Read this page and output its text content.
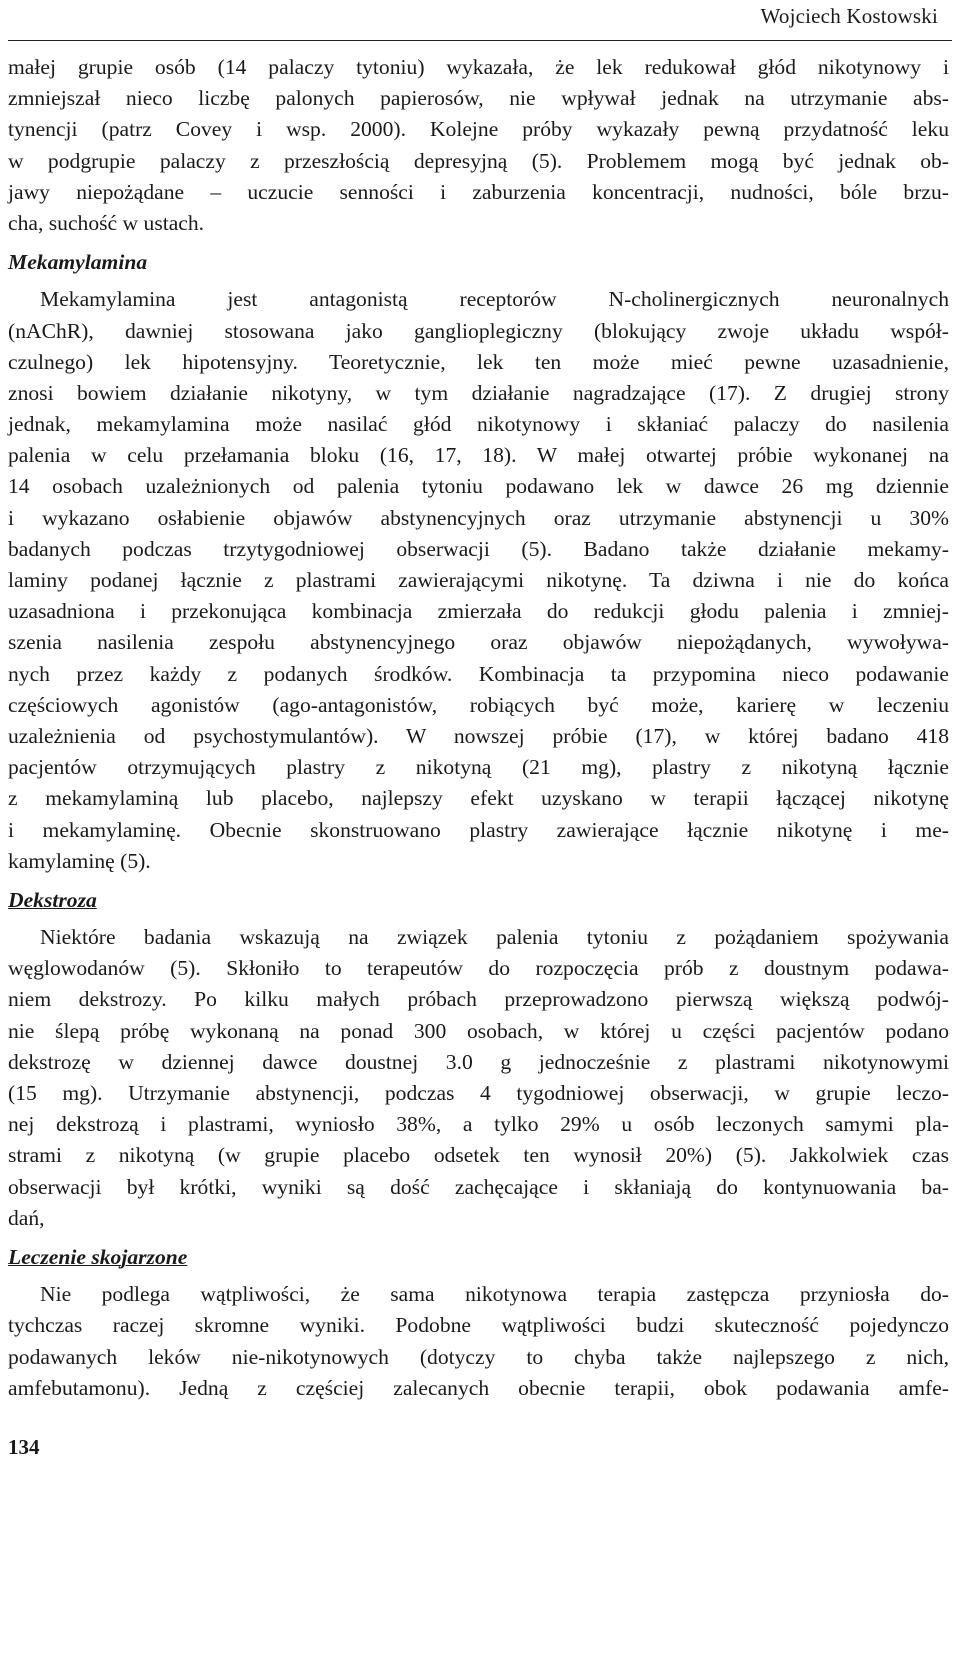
Wojciech Kostowski

małej grupie osób (14 palaczy tytoniu) wykazała, że lek redukował głód nikotynowy i
zmniejszał nieco liczbę palonych papierosów, nie wpływał jednak na utrzymanie abs-
tynencji (patrz Covey i wsp. 2000). Kolejne próby wykazały pewną przydatność leku
w podgrupie palaczy z przeszłością depresyjną (5). Problemem mogą być jednak ob-
jawy niepożądane – uczucie senności i zaburzenia koncentracji, nudności, bóle brzu-
cha, suchość w ustach.

Mekamylamina

Mekamylamina jest antagonistą receptorów N-cholinergicznych neuronalnych
(nAChR), dawniej stosowana jako ganglioplegiczny (blokujący zwoje układu współ-
czulnego) lek hipotensyjny. Teoretycznie, lek ten może mieć pewne uzasadnienie,
znosi bowiem działanie nikotyny, w tym działanie nagradzające (17). Z drugiej strony
jednak, mekamylamina może nasilać głód nikotynowy i skłaniać palaczy do nasilenia
palenia w celu przełamania bloku (16, 17, 18). W małej otwartej próbie wykonanej na
14 osobach uzależnionych od palenia tytoniu podawano lek w dawce 26 mg dziennie
i wykazano osłabienie objawów abstynencyjnych oraz utrzymanie abstynencji u 30%
badanych podczas trzytygodniowej obserwacji (5). Badano także działanie mekamy-
laminy podanej łącznie z plastrami zawierającymi nikotynę. Ta dziwna i nie do końca
uzasadniona i przekonująca kombinacja zmierzała do redukcji głodu palenia i zmniej-
szenia nasilenia zespołu abstynencyjnego oraz objawów niepożądanych, wywoływa-
nych przez każdy z podanych środków. Kombinacja ta przypomina nieco podawanie
częściowych agonistów (ago-antagonistów, robiących być może, karierę w leczeniu
uzależnienia od psychostymulantów). W nowszej próbie (17), w której badano 418
pacjentów otrzymujących plastry z nikotyną (21 mg), plastry z nikotyną łącznie
z mekamylaminą lub placebo, najlepszy efekt uzyskano w terapii łączącej nikotynę
i mekamylaminę. Obecnie skonstruowano plastry zawierające łącznie nikotynę i me-
kamylaminę (5).

Dekstroza

Niektóre badania wskazują na związek palenia tytoniu z pożądaniem spożywania
węglowodanów (5). Skłoniło to terapeutów do rozpoczęcia prób z doustnym podawa-
niem dekstrozy. Po kilku małych próbach przeprowadzono pierwszą większą podwój-
nie ślepą próbę wykonaną na ponad 300 osobach, w której u części pacjentów podano
dekstrozę w dziennej dawce doustnej 3.0 g jednocześnie z plastrami nikotynowymi
(15 mg). Utrzymanie abstynencji, podczas 4 tygodniowej obserwacji, w grupie leczo-
nej dekstrozą i plastrami, wyniosło 38%, a tylko 29% u osób leczonych samymi pla-
strami z nikotyną (w grupie placebo odsetek ten wynosił 20%) (5). Jakkolwiek czas
obserwacji był krótki, wyniki są dość zachęcające i skłaniają do kontynuowania ba-
dań,

Leczenie skojarzone

Nie podlega wątpliwości, że sama nikotynowa terapia zastępcza przyniosła do-
tychczas raczej skromne wyniki. Podobne wątpliwości budzi skuteczność pojedynczo
podawanych leków nie-nikotynowych (dotyczy to chyba także najlepszego z nich,
amfebutamonu). Jedną z częściej zalecanych obecnie terapii, obok podawania amfe-

134
